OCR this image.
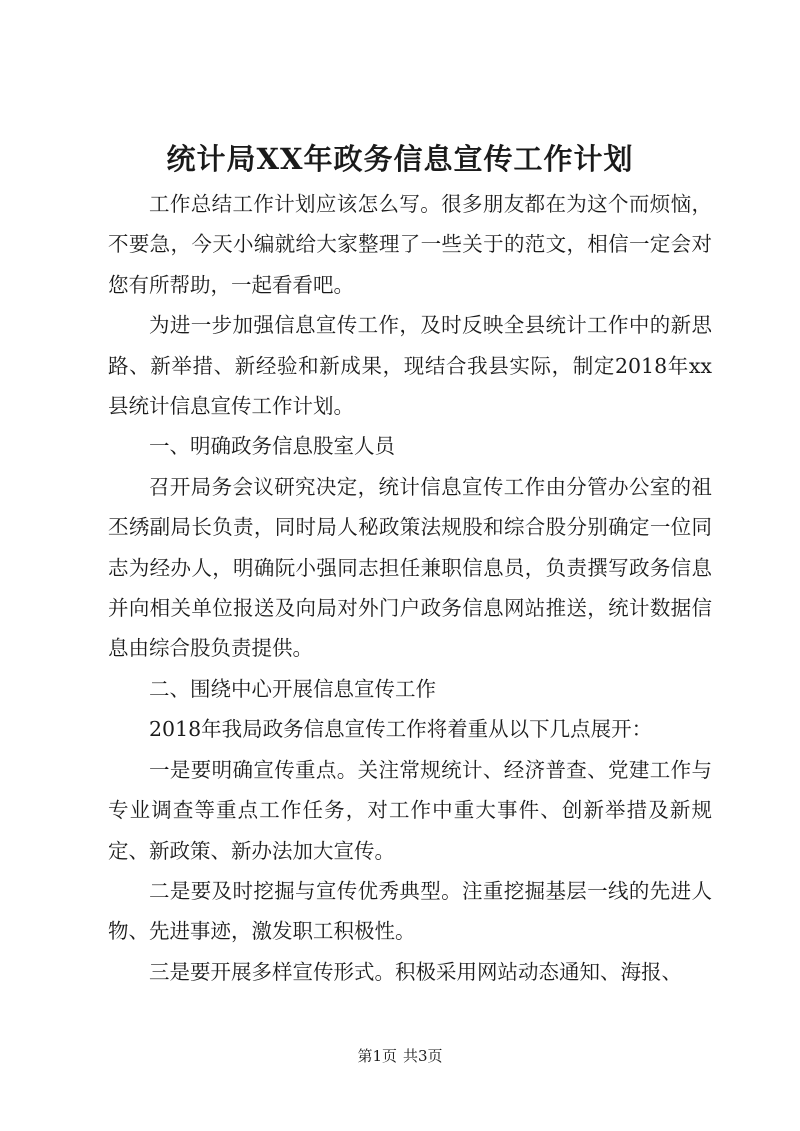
统计局XX年政务信息宣传工作计划

工作总结工作计划应该怎么写。很多朋友都在为这个而烦恼，不要急，今天小编就给大家整理了一些关于的范文，相信一定会对您有所帮助，一起看看吧。

为进一步加强信息宣传工作，及时反映全县统计工作中的新思路、新举措、新经验和新成果，现结合我县实际，制定2018年xx县统计信息宣传工作计划。

一、明确政务信息股室人员

召开局务会议研究决定，统计信息宣传工作由分管办公室的祖丕绣副局长负责，同时局人秘政策法规股和综合股分别确定一位同志为经办人，明确阮小强同志担任兼职信息员，负责撰写政务信息并向相关单位报送及向局对外门户政务信息网站推送，统计数据信息由综合股负责提供。

二、围绕中心开展信息宣传工作

2018年我局政务信息宣传工作将着重从以下几点展开：

一是要明确宣传重点。关注常规统计、经济普查、党建工作与专业调查等重点工作任务，对工作中重大事件、创新举措及新规定、新政策、新办法加大宣传。

二是要及时挖掘与宣传优秀典型。注重挖掘基层一线的先进人物、先进事迹，激发职工积极性。

三是要开展多样宣传形式。积极采用网站动态通知、海报、

第1页 共3页
